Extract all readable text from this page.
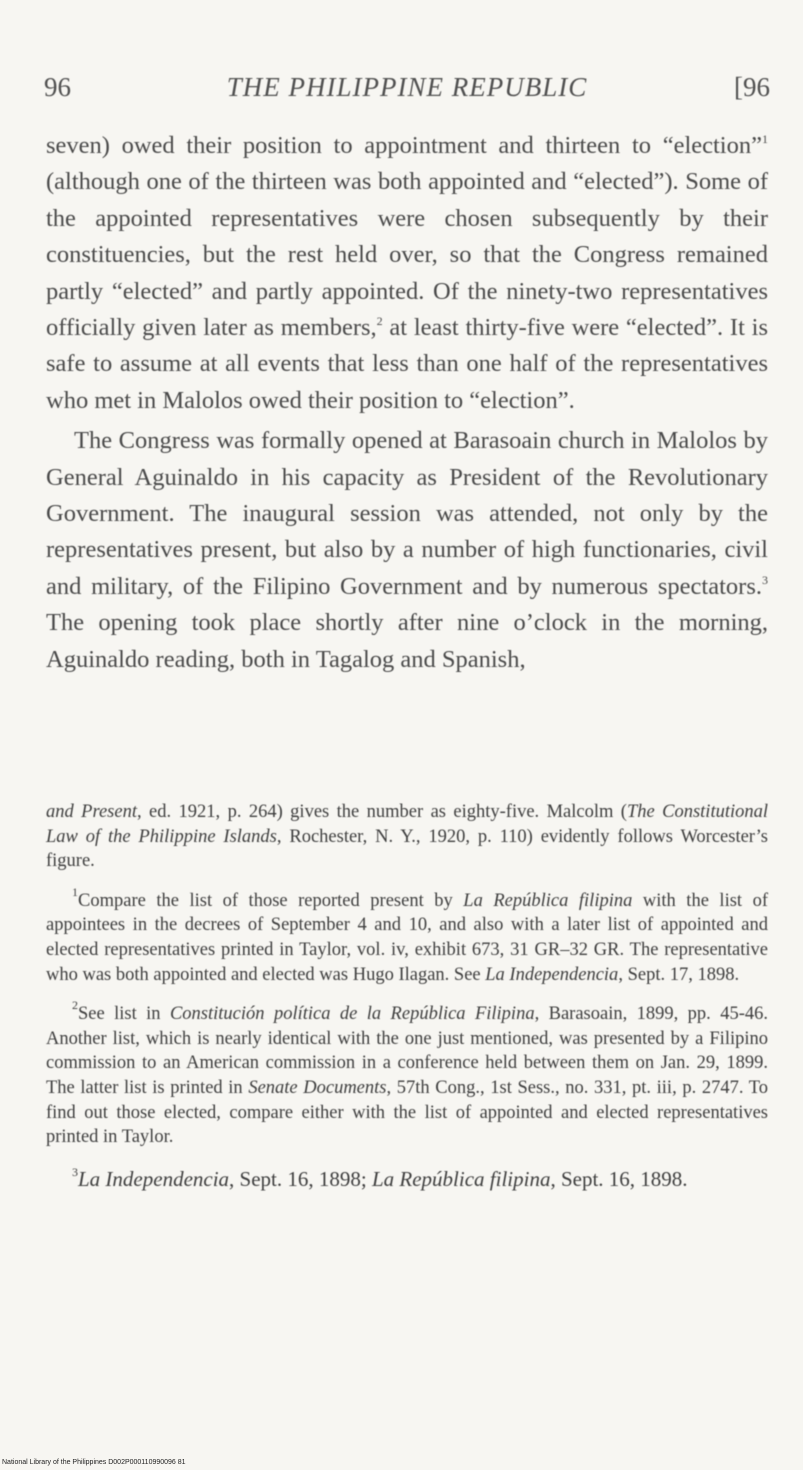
96	THE PHILIPPINE REPUBLIC	[96

seven) owed their position to appointment and thirteen to “election”$^1$ (although one of the thirteen was both appointed and “elected”). Some of the appointed representatives were chosen subsequently by their constituencies, but the rest held over, so that the Congress remained partly “elected” and partly appointed. Of the ninety-two representatives officially given later as members,$^2$ at least thirty-five were “elected”. It is safe to assume at all events that less than one half of the representatives who met in Malolos owed their position to “election”.

The Congress was formally opened at Barasoain church in Malolos by General Aguinaldo in his capacity as President of the Revolutionary Government. The inaugural session was attended, not only by the representatives present, but also by a number of high functionaries, civil and military, of the Filipino Government and by numerous spectators.$^3$ The opening took place shortly after nine o’clock in the morning, Aguinaldo reading, both in Tagalog and Spanish,

and Present, ed. 1921, p. 264) gives the number as eighty-five. Malcolm (The Constitutional Law of the Philippine Islands, Rochester, N. Y., 1920, p. 110) evidently follows Worcester’s figure.

$^1$Compare the list of those reported present by La República filipina with the list of appointees in the decrees of September 4 and 10, and also with a later list of appointed and elected representatives printed in Taylor, vol. iv, exhibit 673, 31 GR–32 GR. The representative who was both appointed and elected was Hugo Ilagan. See La Independencia, Sept. 17, 1898.

$^2$See list in Constitución política de la República Filipina, Barasoain, 1899, pp. 45-46. Another list, which is nearly identical with the one just mentioned, was presented by a Filipino commission to an American commission in a conference held between them on Jan. 29, 1899. The latter list is printed in Senate Documents, 57th Cong., 1st Sess., no. 331, pt. iii, p. 2747. To find out those elected, compare either with the list of appointed and elected representatives printed in Taylor.

$^3$La Independencia, Sept. 16, 1898; La República filipina, Sept. 16, 1898.

National Library of the Philippines D002P000110990096 81
